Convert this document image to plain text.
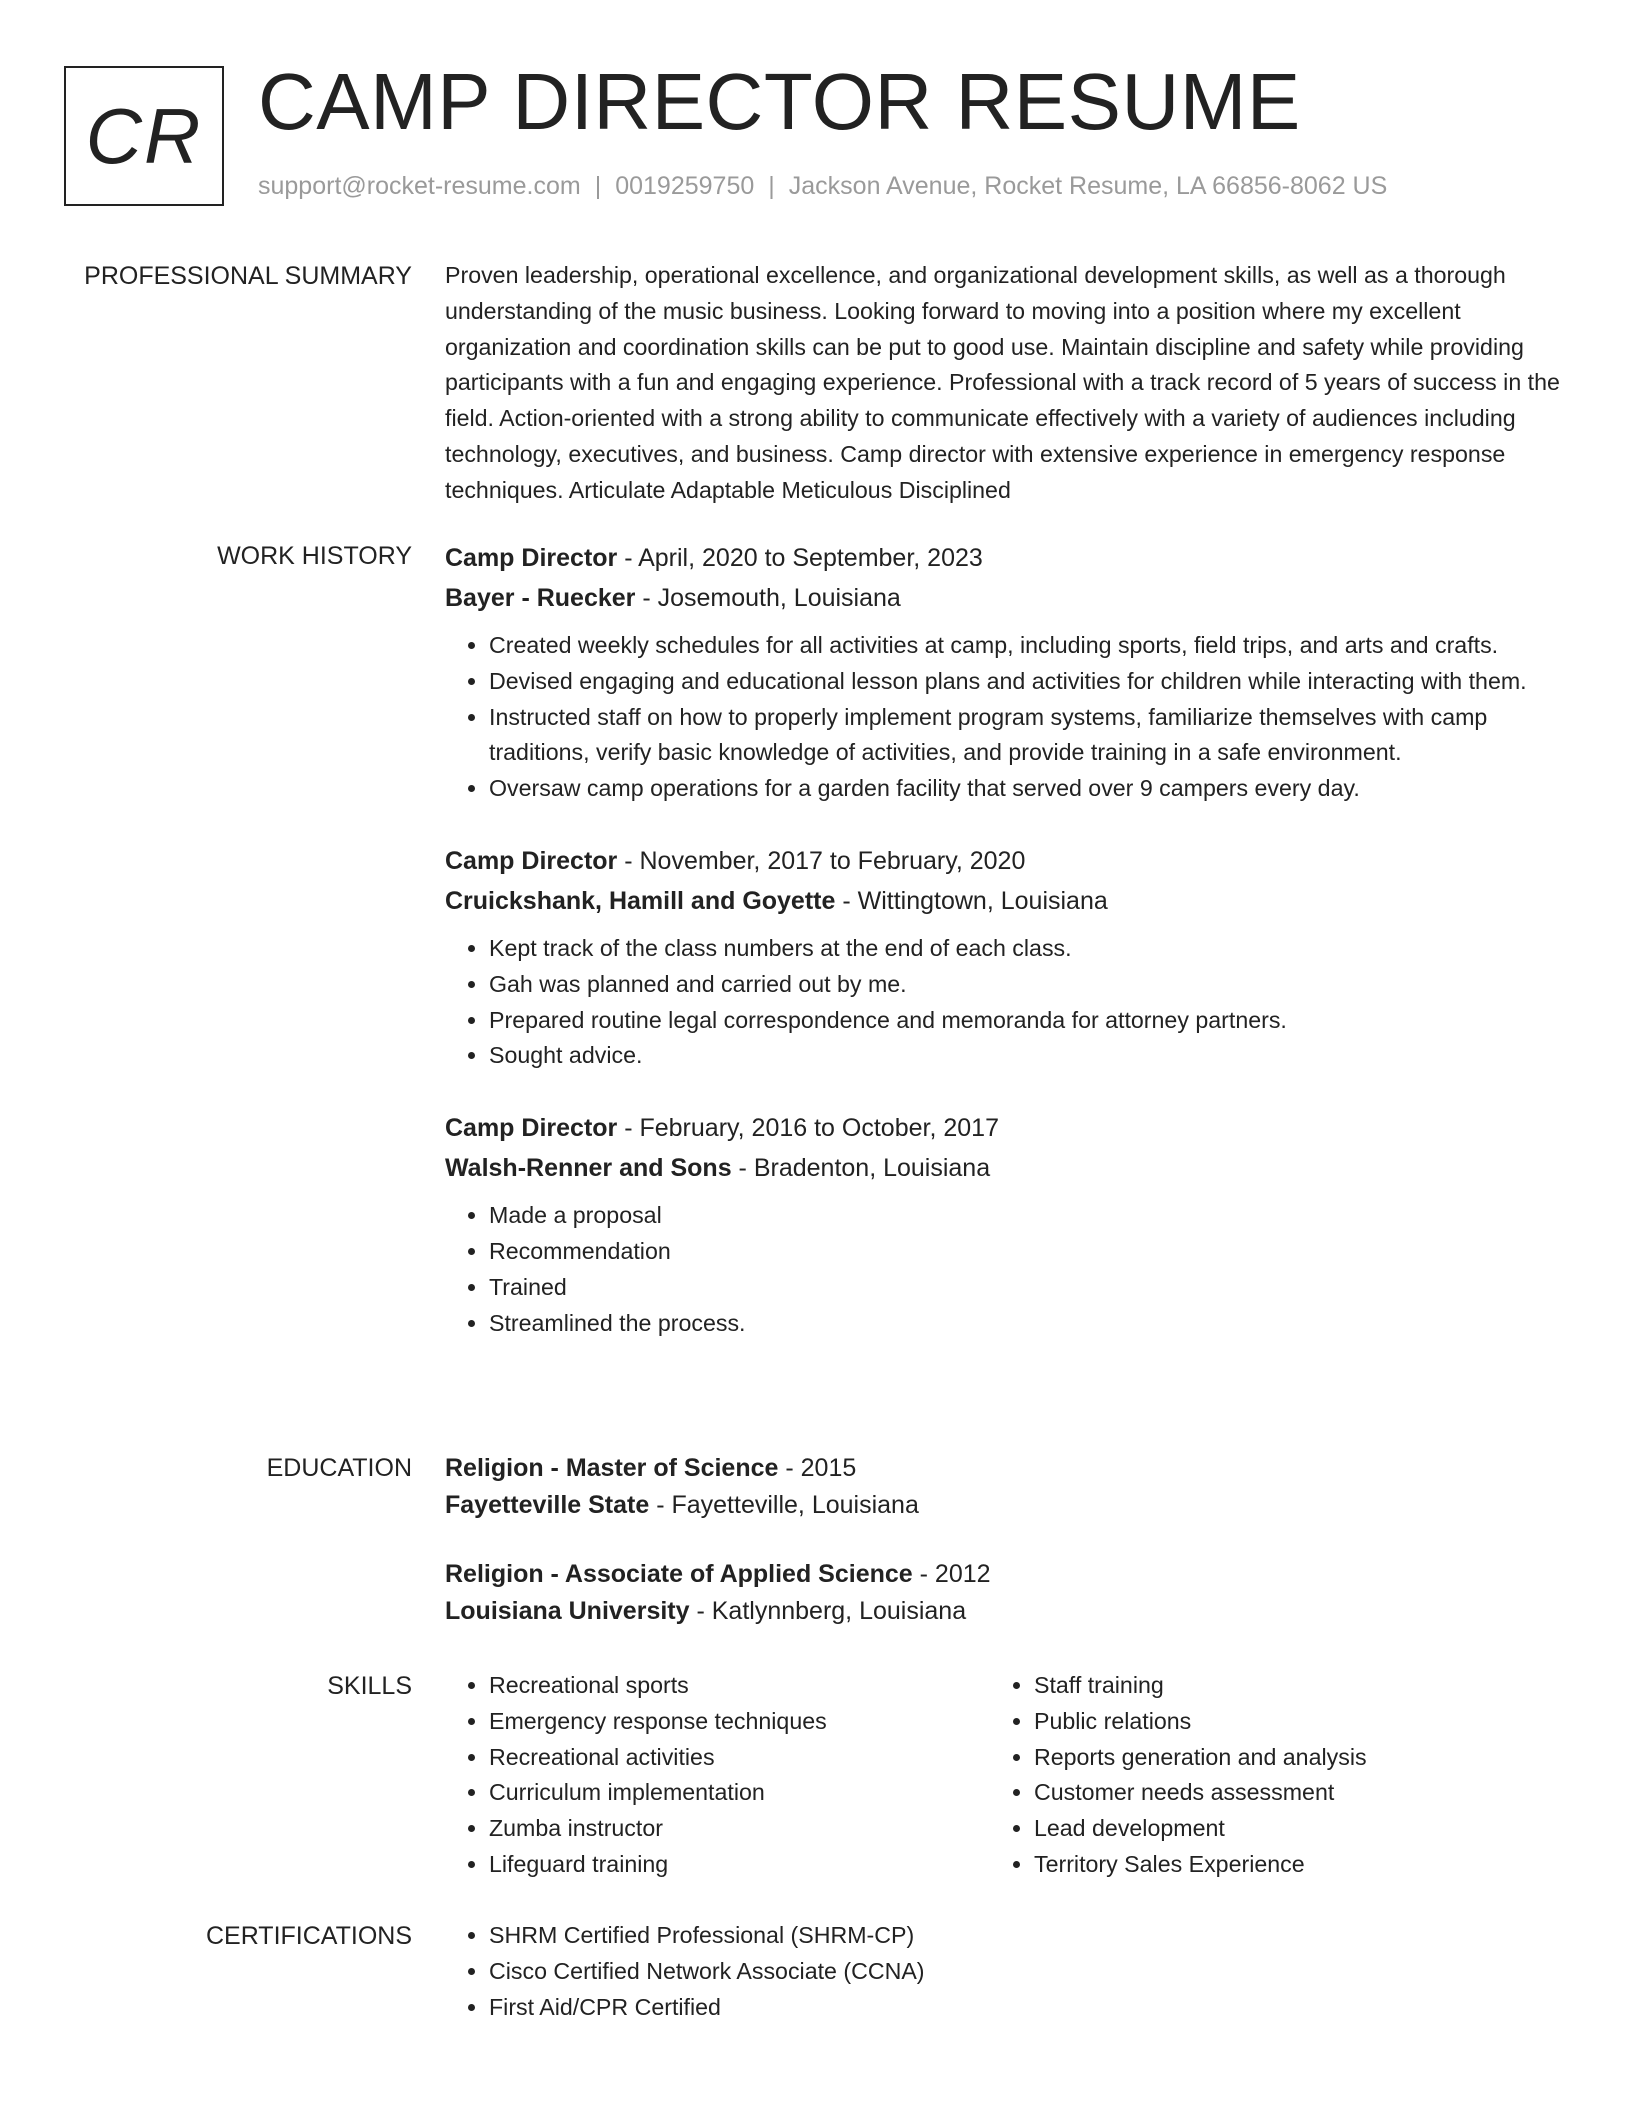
CR CAMP DIRECTOR RESUME
support@rocket-resume.com | 0019259750 | Jackson Avenue, Rocket Resume, LA 66856-8062 US
PROFESSIONAL SUMMARY Proven leadership, operational excellence, and organizational development skills, as well as a thorough understanding of the music business. Looking forward to moving into a position where my excellent organization and coordination skills can be put to good use. Maintain discipline and safety while providing participants with a fun and engaging experience. Professional with a track record of 5 years of success in the field. Action-oriented with a strong ability to communicate effectively with a variety of audiences including technology, executives, and business. Camp director with extensive experience in emergency response techniques. Articulate Adaptable Meticulous Disciplined

WORK HISTORY Camp Director - April, 2020 to September, 2023
Bayer - Ruecker - Josemouth, Louisiana
• Created weekly schedules for all activities at camp, including sports, field trips, and arts and crafts.
• Devised engaging and educational lesson plans and activities for children while interacting with them.
• Instructed staff on how to properly implement program systems, familiarize themselves with camp traditions, verify basic knowledge of activities, and provide training in a safe environment.
• Oversaw camp operations for a garden facility that served over 9 campers every day.
Camp Director - November, 2017 to February, 2020
Cruickshank, Hamill and Goyette - Wittingtown, Louisiana
• Kept track of the class numbers at the end of each class.
• Gah was planned and carried out by me.
• Prepared routine legal correspondence and memoranda for attorney partners.
• Sought advice.
Camp Director - February, 2016 to October, 2017
Walsh-Renner and Sons - Bradenton, Louisiana
• Made a proposal
• Recommendation
• Trained
• Streamlined the process.
EDUCATION Religion - Master of Science - 2015
Fayetteville State - Fayetteville, Louisiana
Religion - Associate of Applied Science - 2012
Louisiana University - Katlynnberg, Louisiana
SKILLS	• Recreational sports
• Emergency response techniques
• Recreational activities
• Curriculum implementation
• Zumba instructor
• Lifeguard training
• Staff training
• Public relations
• Reports generation and analysis
• Customer needs assessment
• Lead development
• Territory Sales Experience
CERTIFICATIONS	• SHRM Certified Professional (SHRM-CP)
• Cisco Certified Network Associate (CCNA)
• First Aid/CPR Certified
